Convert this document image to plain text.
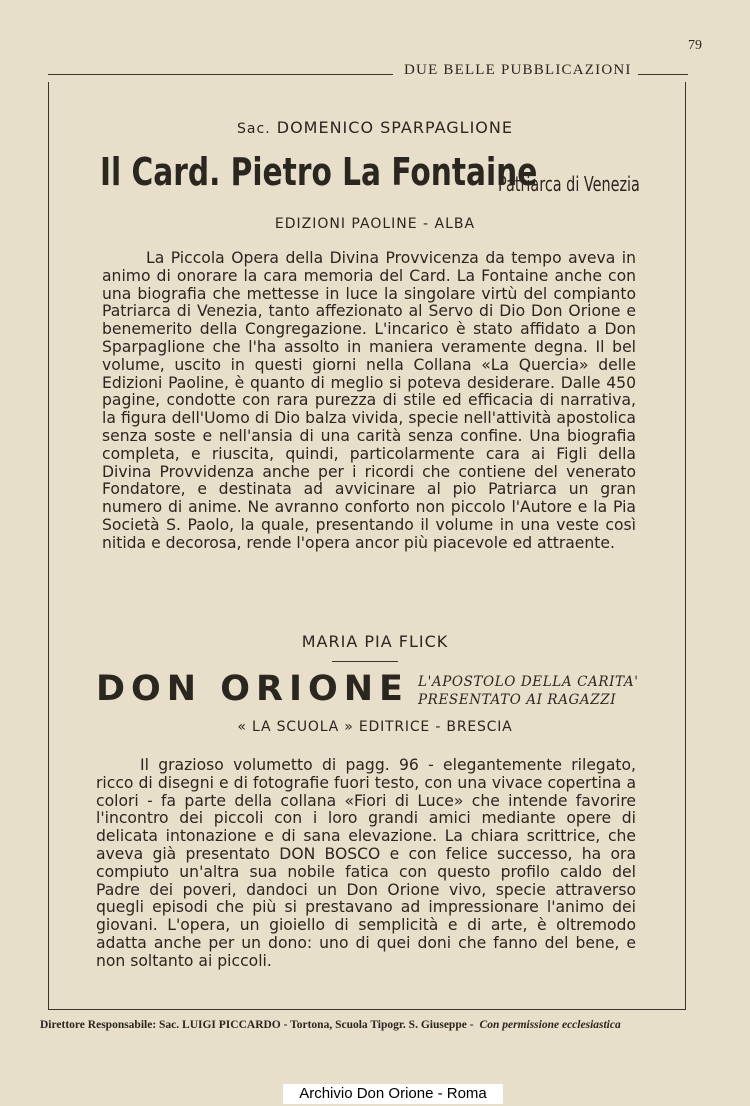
79
DUE BELLE PUBBLICAZIONI
Sac. DOMENICO SPARPAGLIONE
Il Card. Pietro La Fontaine
Patriarca di Venezia
EDIZIONI PAOLINE - ALBA

La Piccola Opera della Divina Provvicenza da tempo aveva in animo di onorare la cara memoria del Card. La Fontaine anche con una biografia che mettesse in luce la singolare virtù del compianto Patriarca di Venezia, tanto affezionato al Servo di Dio Don Orione e benemerito della Congregazione. L'incarico è stato affidato a Don Sparpaglione che l'ha assolto in maniera veramente degna. Il bel volume, uscito in questi giorni nella Collana «La Quercia» delle Edizioni Paoline, è quanto di meglio si poteva desiderare. Dalle 450 pagine, condotte con rara purezza di stile ed efficacia di narrativa, la figura dell'Uomo di Dio balza vivida, specie nell'attività apostolica senza soste e nell'ansia di una carità senza confine. Una biografia completa, e riuscita, quindi, particolarmente cara ai Figli della Divina Provvidenza anche per i ricordi che contiene del venerato Fondatore, e destinata ad avvicinare al pio Patriarca un gran numero di anime. Ne avranno conforto non piccolo l'Autore e la Pia Società S. Paolo, la quale, presentando il volume in una veste così nitida e decorosa, rende l'opera ancor più piacevole ed attraente.

MARIA PIA FLICK
DON ORIONE L'APOSTOLO DELLA CARITA'
PRESENTATO AI RAGAZZI
« LA SCUOLA » EDITRICE - BRESCIA

Il grazioso volumetto di pagg. 96 - elegantemente rilegato, ricco di disegni e di fotografie fuori testo, con una vivace copertina a colori - fa parte della collana «Fiori di Luce» che intende favorire l'incontro dei piccoli con i loro grandi amici mediante opere di delicata intonazione e di sana elevazione. La chiara scrittrice, che aveva già presentato DON BOSCO e con felice successo, ha ora compiuto un'altra sua nobile fatica con questo profilo caldo del Padre dei poveri, dandoci un Don Orione vivo, specie attraverso quegli episodi che più si prestavano ad impressionare l'animo dei giovani. L'opera, un gioiello di semplicità e di arte, è oltremodo adatta anche per un dono: uno di quei doni che fanno del bene, e non soltanto ai piccoli.

Direttore Responsabile: Sac. LUIGI PICCARDO - Tortona, Scuola Tipogr. S. Giuseppe - Con permissione ecclesiastica
Archivio Don Orione - Roma
